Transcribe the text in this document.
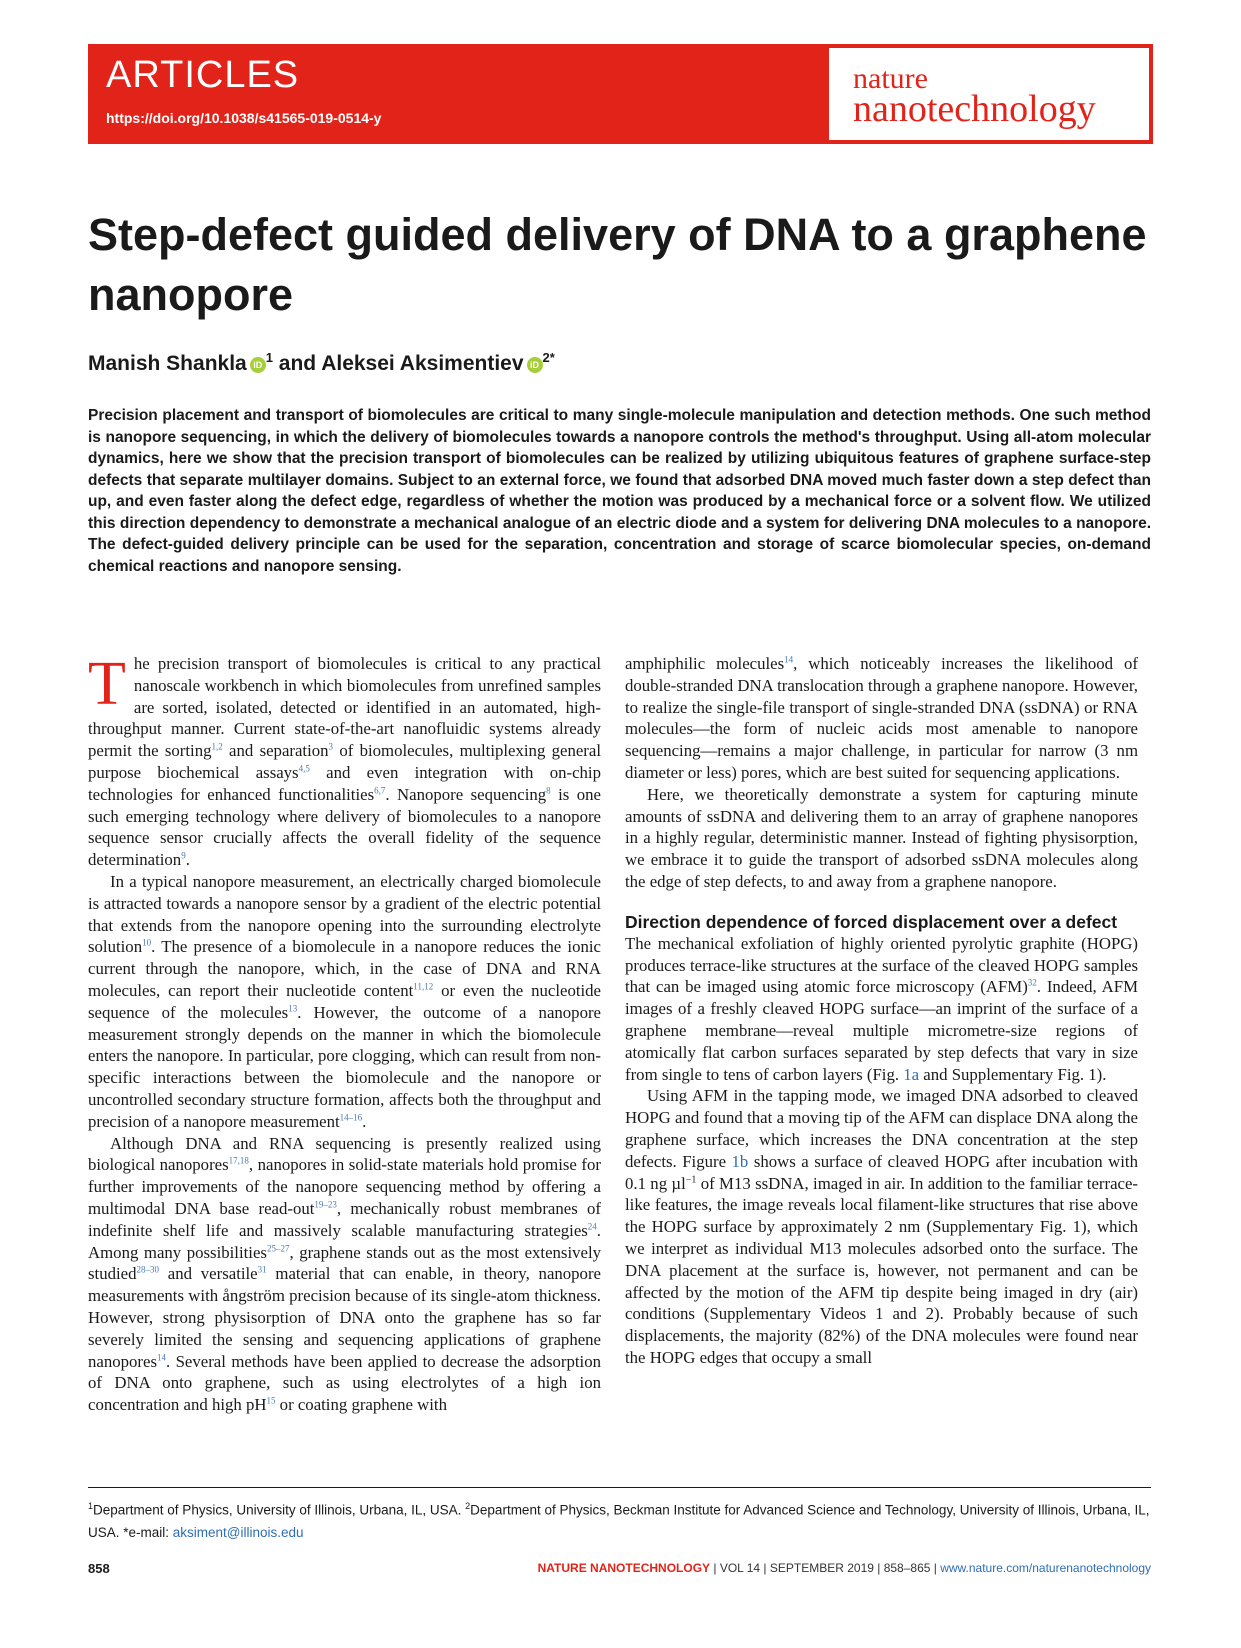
ARTICLES
https://doi.org/10.1038/s41565-019-0514-y
nature
nanotechnology
Step-defect guided delivery of DNA to a graphene nanopore
Manish Shankla iD $^1$ and Aleksei Aksimentiev iD $^{2*}$
Precision placement and transport of biomolecules are critical to many single-molecule manipulation and detection methods. One such method is nanopore sequencing, in which the delivery of biomolecules towards a nanopore controls the method's throughput. Using all-atom molecular dynamics, here we show that the precision transport of biomolecules can be realized by utilizing ubiquitous features of graphene surface-step defects that separate multilayer domains. Subject to an external force, we found that adsorbed DNA moved much faster down a step defect than up, and even faster along the defect edge, regardless of whether the motion was produced by a mechanical force or a solvent flow. We utilized this direction dependency to demonstrate a mechanical analogue of an electric diode and a system for delivering DNA molecules to a nanopore. The defect-guided delivery principle can be used for the separation, concentration and storage of scarce biomolecular species, on-demand chemical reactions and nanopore sensing.

The precision transport of biomolecules is critical to any practical nanoscale workbench in which biomolecules from unrefined samples are sorted, isolated, detected or identified in an automated, high-throughput manner. Current state-of-the-art nanofluidic systems already permit the sorting$^{1,2}$ and separation$^3$ of biomolecules, multiplexing general purpose biochemical assays$^{4,5}$ and even integration with on-chip technologies for enhanced functionalities$^{6,7}$. Nanopore sequencing$^8$ is one such emerging technology where delivery of biomolecules to a nanopore sequence sensor crucially affects the overall fidelity of the sequence determination$^9$.

In a typical nanopore measurement, an electrically charged biomolecule is attracted towards a nanopore sensor by a gradient of the electric potential that extends from the nanopore opening into the surrounding electrolyte solution$^{10}$. The presence of a biomolecule in a nanopore reduces the ionic current through the nanopore, which, in the case of DNA and RNA molecules, can report their nucleotide content$^{11,12}$ or even the nucleotide sequence of the molecules$^{13}$. However, the outcome of a nanopore measurement strongly depends on the manner in which the biomolecule enters the nanopore. In particular, pore clogging, which can result from non-specific interactions between the biomolecule and the nanopore or uncontrolled secondary structure formation, affects both the throughput and precision of a nanopore measurement$^{14-16}$.

Although DNA and RNA sequencing is presently realized using biological nanopores$^{17,18}$, nanopores in solid-state materials hold promise for further improvements of the nanopore sequencing method by offering a multimodal DNA base read-out$^{19-23}$, mechanically robust membranes of indefinite shelf life and massively scalable manufacturing strategies$^{24}$. Among many possibilities$^{25-27}$, graphene stands out as the most extensively studied$^{28-30}$ and versatile$^{31}$ material that can enable, in theory, nanopore measurements with ångström precision because of its single-atom thickness. However, strong physisorption of DNA onto the graphene has so far severely limited the sensing and sequencing applications of graphene nanopores$^{14}$. Several methods have been applied to decrease the adsorption of DNA onto graphene, such as using electrolytes of a high ion concentration and high pH$^{15}$ or coating graphene with

amphiphilic molecules$^{14}$, which noticeably increases the likelihood of double-stranded DNA translocation through a graphene nanopore. However, to realize the single-file transport of single-stranded DNA (ssDNA) or RNA molecules—the form of nucleic acids most amenable to nanopore sequencing—remains a major challenge, in particular for narrow (3 nm diameter or less) pores, which are best suited for sequencing applications.

Here, we theoretically demonstrate a system for capturing minute amounts of ssDNA and delivering them to an array of graphene nanopores in a highly regular, deterministic manner. Instead of fighting physisorption, we embrace it to guide the transport of adsorbed ssDNA molecules along the edge of step defects, to and away from a graphene nanopore.

Direction dependence of forced displacement over a defect

The mechanical exfoliation of highly oriented pyrolytic graphite (HOPG) produces terrace-like structures at the surface of the cleaved HOPG samples that can be imaged using atomic force microscopy (AFM)$^{32}$. Indeed, AFM images of a freshly cleaved HOPG surface—an imprint of the surface of a graphene membrane—reveal multiple micrometre-size regions of atomically flat carbon surfaces separated by step defects that vary in size from single to tens of carbon layers (Fig. 1a and Supplementary Fig. 1).

Using AFM in the tapping mode, we imaged DNA adsorbed to cleaved HOPG and found that a moving tip of the AFM can displace DNA along the graphene surface, which increases the DNA concentration at the step defects. Figure 1b shows a surface of cleaved HOPG after incubation with 0.1 ng µl$^{-1}$ of M13 ssDNA, imaged in air. In addition to the familiar terrace-like features, the image reveals local filament-like structures that rise above the HOPG surface by approximately 2 nm (Supplementary Fig. 1), which we interpret as individual M13 molecules adsorbed onto the surface. The DNA placement at the surface is, however, not permanent and can be affected by the motion of the AFM tip despite being imaged in dry (air) conditions (Supplementary Videos 1 and 2). Probably because of such displacements, the majority (82%) of the DNA molecules were found near the HOPG edges that occupy a small

$^1$Department of Physics, University of Illinois, Urbana, IL, USA. $^2$Department of Physics, Beckman Institute for Advanced Science and Technology, University of Illinois, Urbana, IL, USA. *e-mail: aksiment@illinois.edu
858	NATURE NANOTECHNOLOGY | VOL 14 | SEPTEMBER 2019 | 858–865 | www.nature.com/naturenanotechnology
